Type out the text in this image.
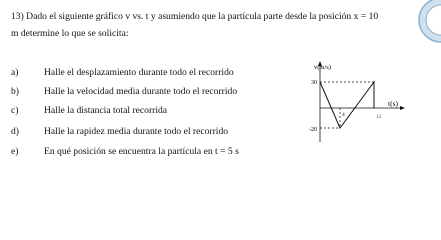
13) Dado el siguiente gráfico v vs. t y asumiendo que la partícula parte desde la posición x = 10
m determine lo que se solicita:
a)	Halle el desplazamiento durante todo el recorrido
b)	Halle la velocidad media durante todo el recorrido
c)	Halle la distancia total recorrida
d)	Halle la rapidez media durante todo el recorrido
e)	En qué posición se encuentra la partícula en t = 5 s
v(m/s)
t(s)
30
-20
4	12
